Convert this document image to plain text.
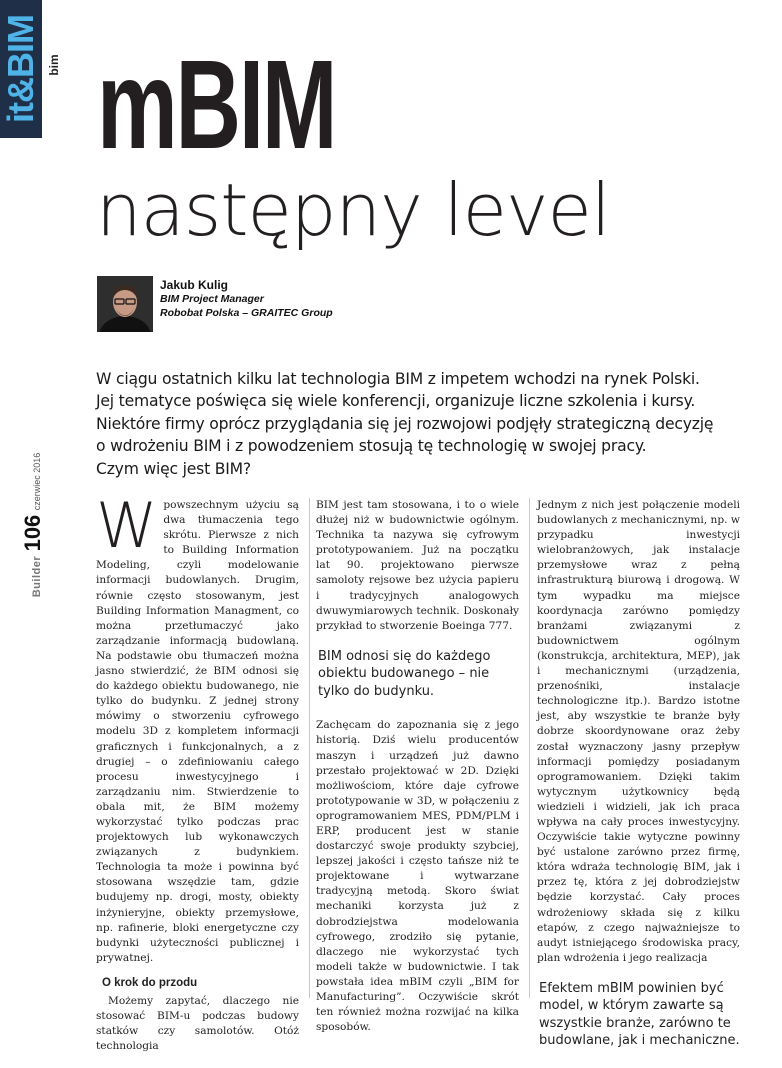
it&BIM bim
Builder 106 czerwiec 2016
mBIM
następny level
Jakub Kulig
BIM Project Manager
Robobat Polska – GRAITEC Group
W ciągu ostatnich kilku lat technologia BIM z impetem wchodzi na rynek Polski.
Jej tematyce poświęca się wiele konferencji, organizuje liczne szkolenia i kursy.
Niektóre firmy oprócz przyglądania się jej rozwojowi podjęły strategiczną decyzję
o wdrożeniu BIM i z powodzeniem stosują tę technologię w swojej pracy.
Czym więc jest BIM?

Wpowszechnym użyciu są dwa tłumaczenia tego skrótu. Pierwsze z nich to Building Information Modeling, czyli modelowanie informacji budowlanych. Drugim, równie często stosowanym, jest Building Information Managment, co można przetłumaczyć jako zarządzanie informacją budowlaną. Na podstawie obu tłumaczeń można jasno stwierdzić, że BIM odnosi się do każdego obiektu budowanego, nie tylko do budynku. Z jednej strony mówimy o stworzeniu cyfrowego modelu 3D z kompletem informacji graficznych i funkcjonalnych, a z drugiej – o zdefiniowaniu całego procesu inwestycyjnego i zarządzaniu nim. Stwierdzenie to obala mit, że BIM możemy wykorzystać tylko podczas prac projektowych lub wykonawczych związanych z budynkiem. Technologia ta może i powinna być stosowana wszędzie tam, gdzie budujemy np. drogi, mosty, obiekty inżynieryjne, obiekty przemysłowe, np. rafinerie, bloki energetyczne czy budynki użyteczności publicznej i prywatnej.

O krok do przodu

Możemy zapytać, dlaczego nie stosować BIM-u podczas budowy statków czy samolotów. Otóż technologia

BIM jest tam stosowana, i to o wiele dłużej niż w budownictwie ogólnym. Technika ta nazywa się cyfrowym prototypowaniem. Już na początku lat 90. projektowano pierwsze samoloty rejsowe bez użycia papieru i tradycyjnych analogowych dwuwymiarowych technik. Doskonały przykład to stworzenie Boeinga 777.

BIM odnosi się do każdego obiektu budowanego – nie tylko do budynku.

Zachęcam do zapoznania się z jego historią. Dziś wielu producentów maszyn i urządzeń już dawno przestało projektować w 2D. Dzięki możliwościom, które daje cyfrowe prototypowanie w 3D, w połączeniu z oprogramowaniem MES, PDM/PLM i ERP, producent jest w stanie dostarczyć swoje produkty szybciej, lepszej jakości i często tańsze niż te projektowane i wytwarzane tradycyjną metodą. Skoro świat mechaniki korzysta już z dobrodziejstwa modelowania cyfrowego, zrodziło się pytanie, dlaczego nie wykorzystać tych modeli także w budownictwie. I tak powstała idea mBIM czyli „BIM for Manufacturing”. Oczywiście skrót ten również można rozwijać na kilka sposobów.

Jednym z nich jest połączenie modeli budowlanych z mechanicznymi, np. w przypadku inwestycji wielobranżowych, jak instalacje przemysłowe wraz z pełną infrastrukturą biurową i drogową. W tym wypadku ma miejsce koordynacja zarówno pomiędzy branżami związanymi z budownictwem ogólnym (konstrukcja, architektura, MEP), jak i mechanicznymi (urządzenia, przenośniki, instalacje technologiczne itp.). Bardzo istotne jest, aby wszystkie te branże były dobrze skoordynowane oraz żeby został wyznaczony jasny przepływ informacji pomiędzy posiadanym oprogramowaniem. Dzięki takim wytycznym użytkownicy będą wiedzieli i widzieli, jak ich praca wpływa na cały proces inwestycyjny. Oczywiście takie wytyczne powinny być ustalone zarówno przez firmę, która wdraża technologię BIM, jak i przez tę, która z jej dobrodziejstw będzie korzystać. Cały proces wdrożeniowy składa się z kilku etapów, z czego najważniejsze to audyt istniejącego środowiska pracy, plan wdrożenia i jego realizacja

Efektem mBIM powinien być model, w którym zawarte są wszystkie branże, zarówno te budowlane, jak i mechaniczne.
